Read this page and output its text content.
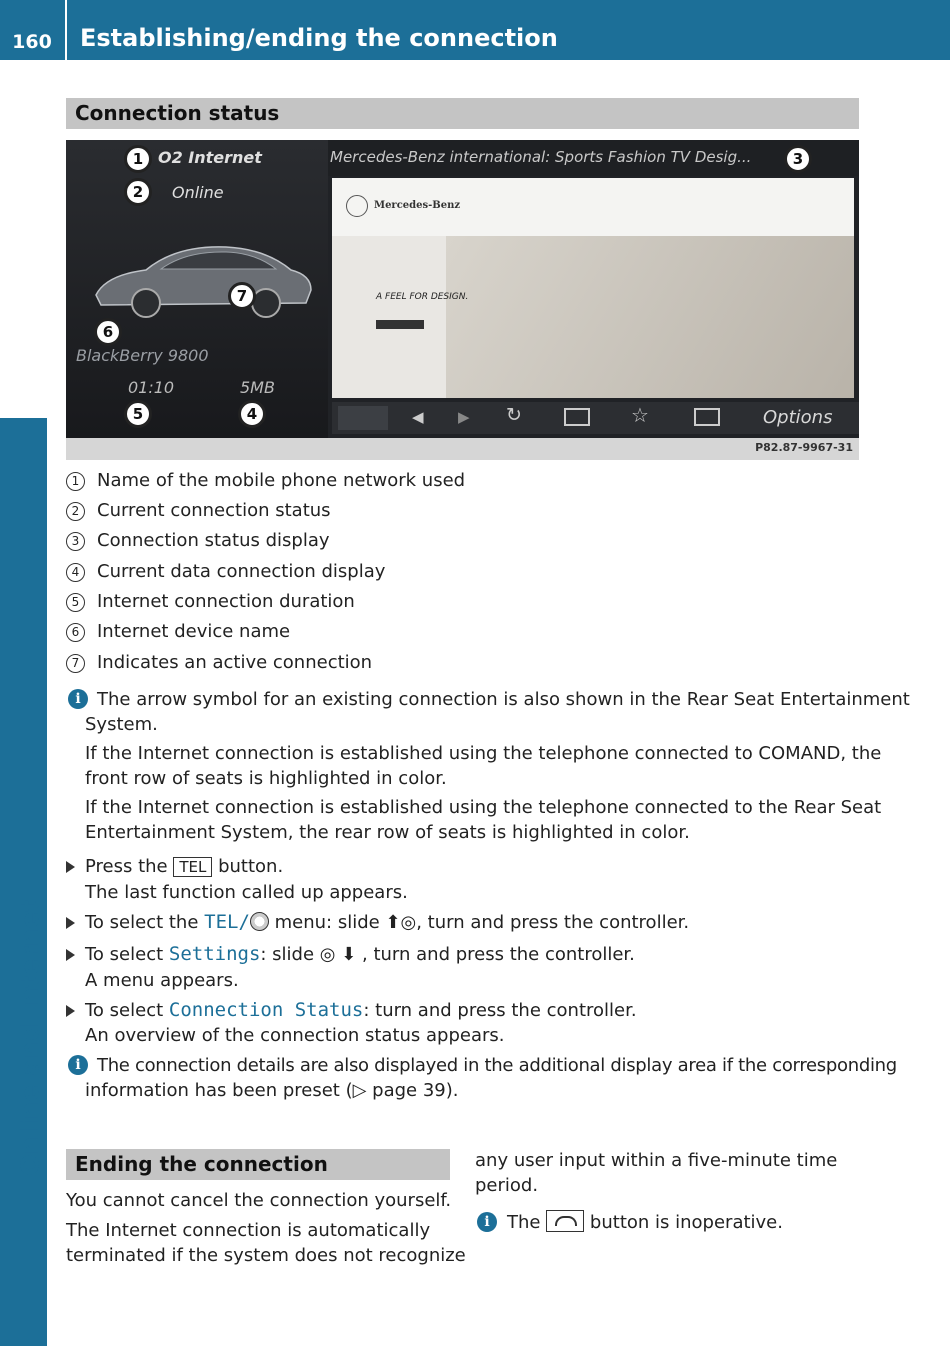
160	Establishing/ending the connection
Online and Internet
Connection status
O2 Internet
Online
BlackBerry 9800
01:10	5MB
Mercedes-Benz international: Sports Fashion TV Desig...
Mercedes-Benz
A FEEL FOR DESIGN.
◀ ▶ ↻	☆	Options
1
2
3
4
5
6
7
P82.87-9967-31
1 Name of the mobile phone network used
2 Current connection status
3 Connection status display
4 Current data connection display
5 Internet connection duration
6 Internet device name
7 Indicates an active connection
i The arrow symbol for an existing connection is also shown in the Rear Seat Entertainment
System.
If the Internet connection is established using the telephone connected to COMAND, the
front row of seats is highlighted in color.
If the Internet connection is established using the telephone connected to the Rear Seat
Entertainment System, the rear row of seats is highlighted in color.
Press the TEL button.
The last function called up appears.
To select the TEL/ menu: slide ⬆◎, turn and press the controller.
To select Settings: slide ◎ ⬇ , turn and press the controller.
A menu appears.
To select Connection Status: turn and press the controller.
An overview of the connection status appears.
i The connection details are also displayed in the additional display area if the corresponding
information has been preset (▷ page 39).
Ending the connection
You cannot cancel the connection yourself.
The Internet connection is automatically
terminated if the system does not recognize
any user input within a five-minute time
period.
i The
button is inoperative.
